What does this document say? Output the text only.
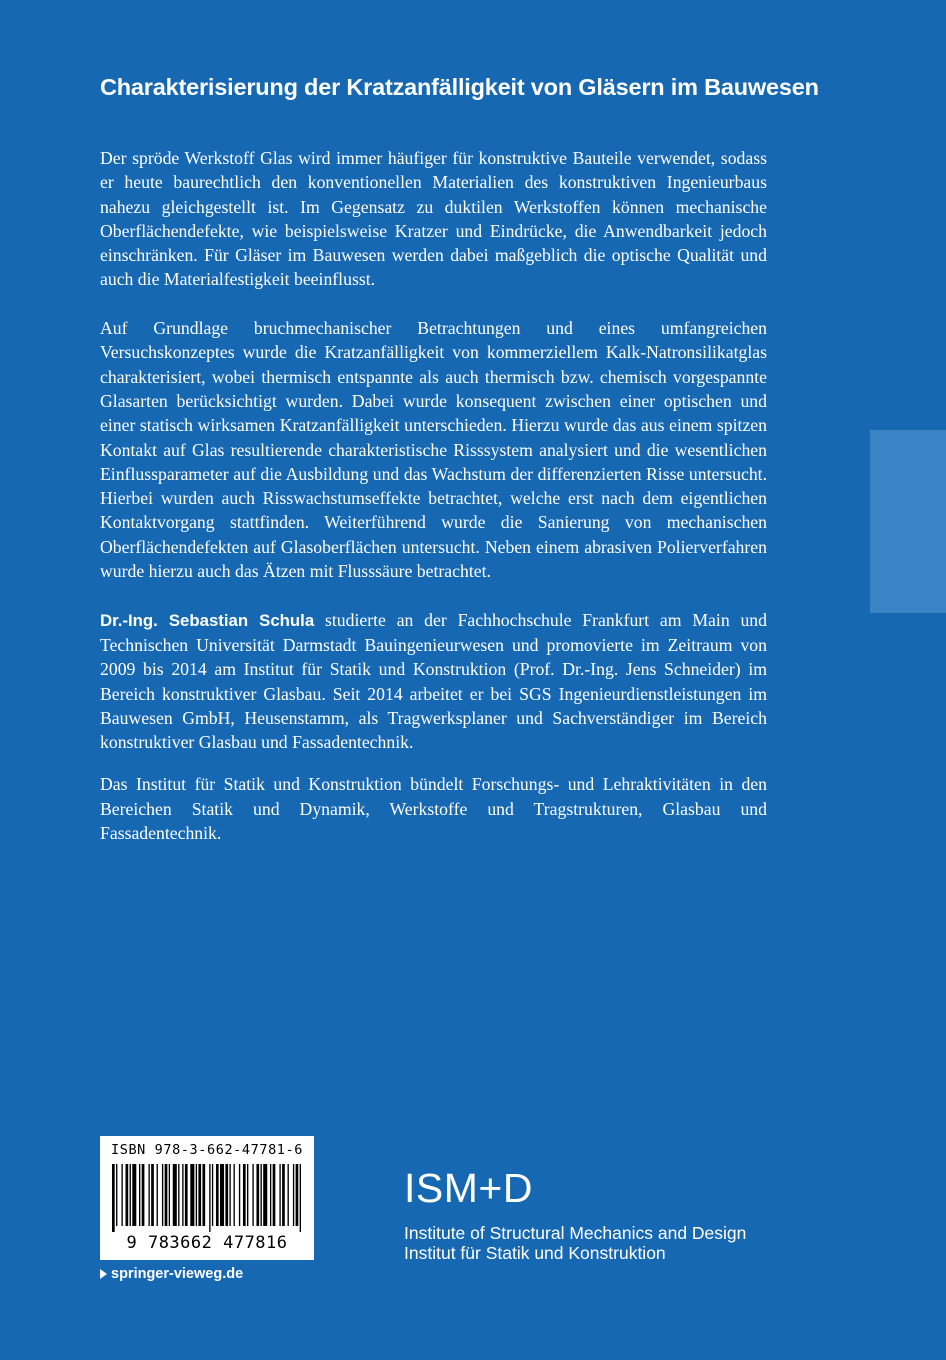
Charakterisierung der Kratzanfälligkeit von Gläsern im Bauwesen

Der spröde Werkstoff Glas wird immer häufiger für konstruktive Bauteile verwendet, sodass er heute baurechtlich den konventionellen Materialien des konstruktiven Ingenieurbaus nahezu gleichgestellt ist. Im Gegensatz zu duktilen Werkstoffen können mechanische Oberflächendefekte, wie beispielsweise Kratzer und Eindrücke, die Anwendbarkeit jedoch einschränken. Für Gläser im Bauwesen werden dabei maßgeblich die optische Qualität und auch die Materialfestigkeit beeinflusst.

Auf Grundlage bruchmechanischer Betrachtungen und eines umfangreichen Versuchskonzeptes wurde die Kratzanfälligkeit von kommerziellem Kalk-Natronsilikatglas charakterisiert, wobei thermisch entspannte als auch thermisch bzw. chemisch vorgespannte Glasarten berücksichtigt wurden. Dabei wurde konsequent zwischen einer optischen und einer statisch wirksamen Kratzanfälligkeit unterschieden. Hierzu wurde das aus einem spitzen Kontakt auf Glas resultierende charakteristische Risssystem analysiert und die wesentlichen Einflussparameter auf die Ausbildung und das Wachstum der differenzierten Risse untersucht. Hierbei wurden auch Risswachstumseffekte betrachtet, welche erst nach dem eigentlichen Kontaktvorgang stattfinden. Weiterführend wurde die Sanierung von mechanischen Oberflächendefekten auf Glasoberflächen untersucht. Neben einem abrasiven Polierverfahren wurde hierzu auch das Ätzen mit Flusssäure betrachtet.

Dr.-Ing. Sebastian Schula studierte an der Fachhochschule Frankfurt am Main und Technischen Universität Darmstadt Bauingenieurwesen und promovierte im Zeitraum von 2009 bis 2014 am Institut für Statik und Konstruktion (Prof. Dr.-Ing. Jens Schneider) im Bereich konstruktiver Glasbau. Seit 2014 arbeitet er bei SGS Ingenieurdienstleistungen im Bauwesen GmbH, Heusenstamm, als Tragwerksplaner und Sachverständiger im Bereich konstruktiver Glasbau und Fassadentechnik.

Das Institut für Statik und Konstruktion bündelt Forschungs- und Lehraktivitäten in den Bereichen Statik und Dynamik, Werkstoffe und Tragstrukturen, Glasbau und Fassadentechnik.

ISBN 978-3-662-47781-6
9 783662 477816
springer-vieweg.de
ISM+D
Institute of Structural Mechanics and Design
Institut für Statik und Konstruktion
